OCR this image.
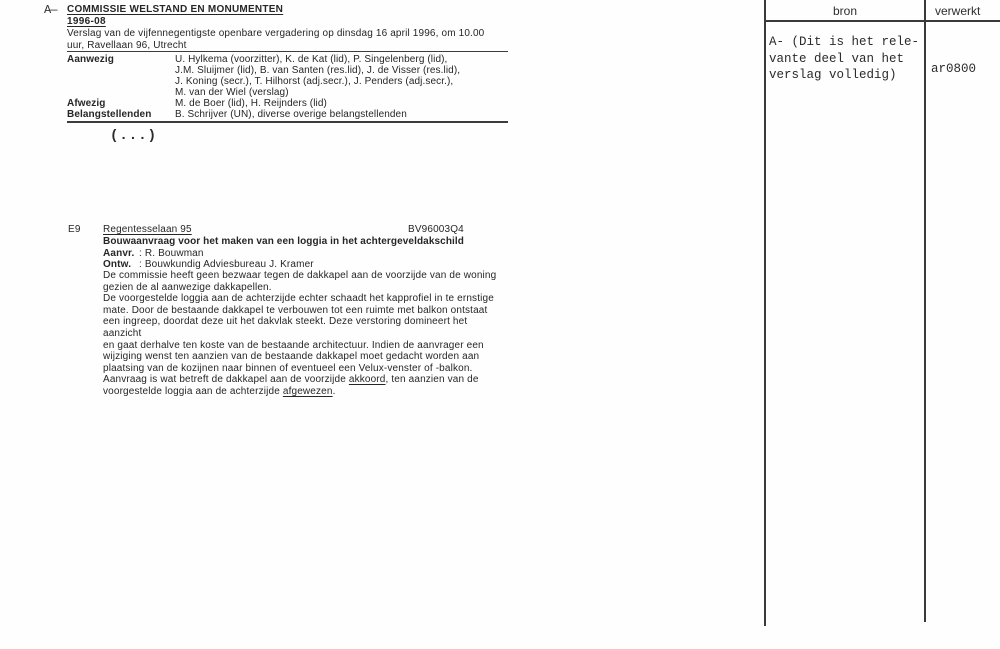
A— COMMISSIE WELSTAND EN MONUMENTEN
1996-08
Verslag van de vijfennegentigste openbare vergadering op dinsdag 16 april 1996, om 10.00
uur, Ravellaan 96, Utrecht
Aanwezig	U. Hylkema (voorzitter), K. de Kat (lid), P. Singelenberg (lid),
J.M. Sluijmer (lid), B. van Santen (res.lid), J. de Visser (res.lid),
J. Koning (secr.), T. Hilhorst (adj.secr.), J. Penders (adj.secr.),
M. van der Wiel (verslag)
Afwezig	M. de Boer (lid), H. Reijnders (lid)
Belangstellenden	B. Schrijver (UN), diverse overige belangstellenden
(...)
E9 Regentesselaan 95	BV96003Q4
Bouwaanvraag voor het maken van een loggia in het achtergeveldakschild
Aanvr. : R. Bouwman
Ontw. : Bouwkundig Adviesbureau J. Kramer
De commissie heeft geen bezwaar tegen de dakkapel aan de voorzijde van de woning
gezien de al aanwezige dakkapellen.
De voorgestelde loggia aan de achterzijde echter schaadt het kapprofiel in te ernstige
mate. Door de bestaande dakkapel te verbouwen tot een ruimte met balkon ontstaat
een ingreep, doordat deze uit het dakvlak steekt. Deze verstoring domineert het aanzicht
en gaat derhalve ten koste van de bestaande architectuur. Indien de aanvrager een
wijziging wenst ten aanzien van de bestaande dakkapel moet gedacht worden aan
plaatsing van de kozijnen naar binnen of eventueel een Velux-venster of -balkon.
Aanvraag is wat betreft de dakkapel aan de voorzijde akkoord, ten aanzien van de
voorgestelde loggia aan de achterzijde afgewezen.
bron	verwerkt
A- (Dit is het rele-
vante deel van het
verslag volledig)	ar0800
